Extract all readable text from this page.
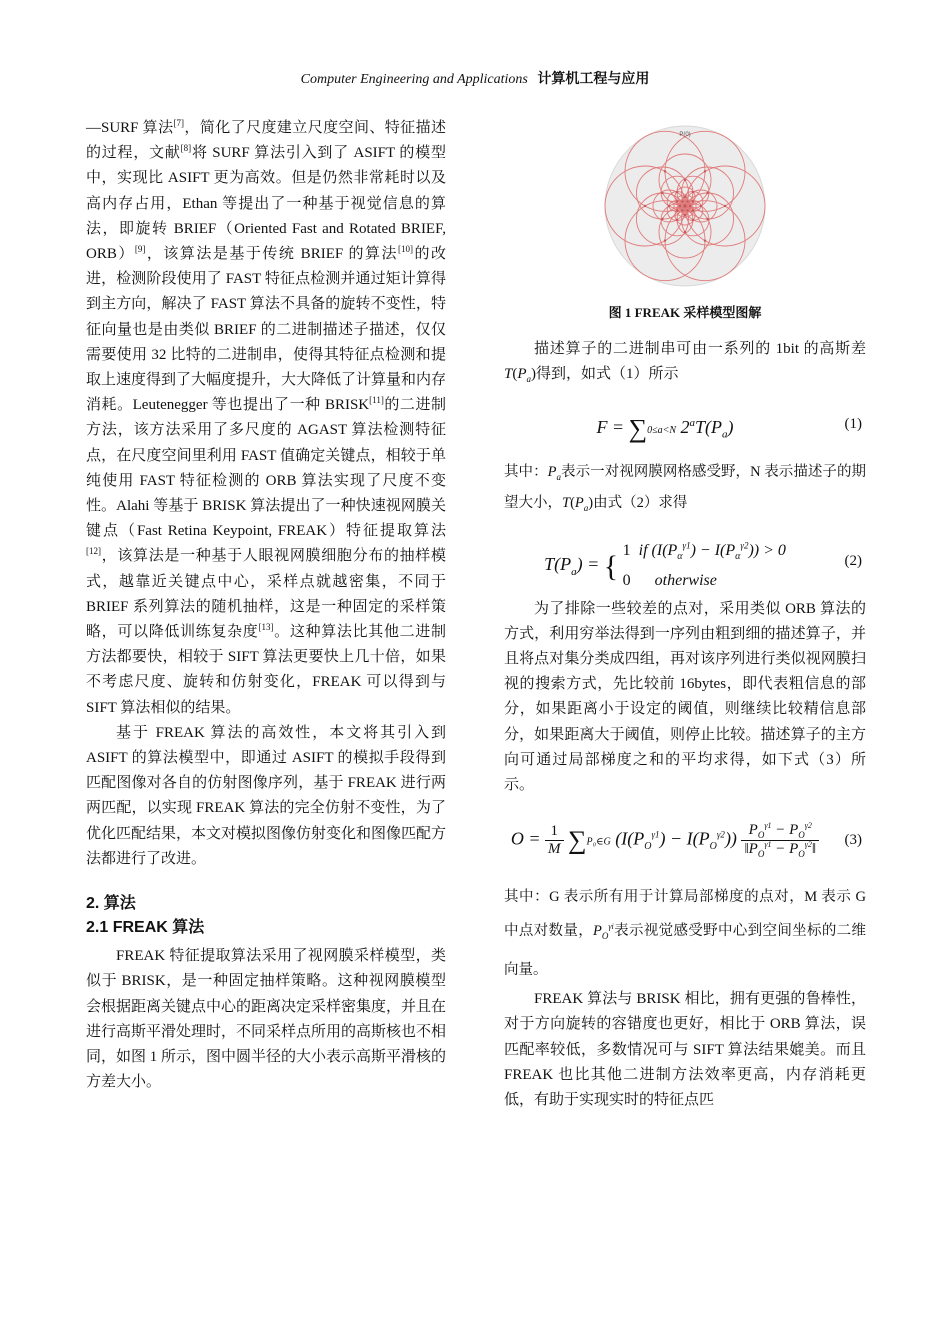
Computer Engineering and Applications 计算机工程与应用

—SURF 算法[7]，简化了尺度建立尺度空间、特征描述的过程，文献[8]将 SURF 算法引入到了 ASIFT 的模型中，实现比 ASIFT 更为高效。但是仍然非常耗时以及高内存占用，Ethan 等提出了一种基于视觉信息的算法，即旋转 BRIEF（Oriented Fast and Rotated BRIEF, ORB）[9]，该算法是基于传统 BRIEF 的算法[10]的改进，检测阶段使用了 FAST 特征点检测并通过矩计算得到主方向，解决了 FAST 算法不具备的旋转不变性，特征向量也是由类似 BRIEF 的二进制描述子描述，仅仅需要使用 32 比特的二进制串，使得其特征点检测和提取上速度得到了大幅度提升，大大降低了计算量和内存消耗。Leutenegger 等也提出了一种 BRISK[11]的二进制方法，该方法采用了多尺度的 AGAST 算法检测特征点，在尺度空间里利用 FAST 值确定关键点，相较于单纯使用 FAST 特征检测的 ORB 算法实现了尺度不变性。Alahi 等基于 BRISK 算法提出了一种快速视网膜关键点（Fast Retina Keypoint, FREAK）特征提取算法[12]，该算法是一种基于人眼视网膜细胞分布的抽样模式，越靠近关键点中心，采样点就越密集，不同于 BRIEF 系列算法的随机抽样，这是一种固定的采样策略，可以降低训练复杂度[13]。这种算法比其他二进制方法都要快，相较于 SIFT 算法更要快上几十倍，如果不考虑尺度、旋转和仿射变化，FREAK 可以得到与 SIFT 算法相似的结果。

基于 FREAK 算法的高效性，本文将其引入到 ASIFT 的算法模型中，即通过 ASIFT 的模拟手段得到匹配图像对各自的仿射图像序列，基于 FREAK 进行两两匹配，以实现 FREAK 算法的完全仿射不变性，为了优化匹配结果，本文对模拟图像仿射变化和图像匹配方法都进行了改进。

2. 算法
2.1 FREAK 算法

FREAK 特征提取算法采用了视网膜采样模型，类似于 BRISK，是一种固定抽样策略。这种视网膜模型会根据距离关键点中心的距离决定采样密集度，并且在进行高斯平滑处理时，不同采样点所用的高斯核也不相同，如图 1 所示，图中圆半径的大小表示高斯平滑核的方差大小。

P(0)
图 1 FREAK 采样模型图解

描述算子的二进制串可由一系列的 1bit 的高斯差$T(P_a)$得到，如式（1）所示

F = ∑0≤a<N $2^aT(P_a)$	(1)

其中：$P_a$表示一对视网膜网格感受野，N 表示描述子的期望大小，$T(P_a)$由式（2）求得

$T(P_a)$ = { 1 if $(I(P_\alpha^{\gamma 1}) - I(P_\alpha^{\gamma 2})) > 0$
0 otherwise
(2)

为了排除一些较差的点对，采用类似 ORB 算法的方式，利用穷举法得到一序列由粗到细的描述算子，并且将点对集分类成四组，再对该序列进行类似视网膜扫视的搜索方式，先比较前 16bytes，即代表粗信息的部分，如果距离小于设定的阈值，则继续比较精信息部分，如果距离大于阈值，则停止比较。描述算子的主方向可通过局部梯度之和的平均求得，如下式（3）所示。

$O = \frac{1}{M}$ ∑P₀∈G $(I(P_O^{\gamma 1}) - I(P_O^{\gamma 2})) \frac{P_O^{\gamma 1} - P_O^{\gamma 2}}{‖P_O^{\gamma 1} - P_O^{\gamma 2}‖} (3)$

其中：G 表示所有用于计算局部梯度的点对，M 表示 G 中点对数量，$P_O^{\gamma i}$表示视觉感受野中心到空间坐标的二维向量。

FREAK 算法与 BRISK 相比，拥有更强的鲁棒性，对于方向旋转的容错度也更好，相比于 ORB 算法，误匹配率较低，多数情况可与 SIFT 算法结果媲美。而且 FREAK 也比其他二进制方法效率更高，内存消耗更低，有助于实现实时的特征点匹
